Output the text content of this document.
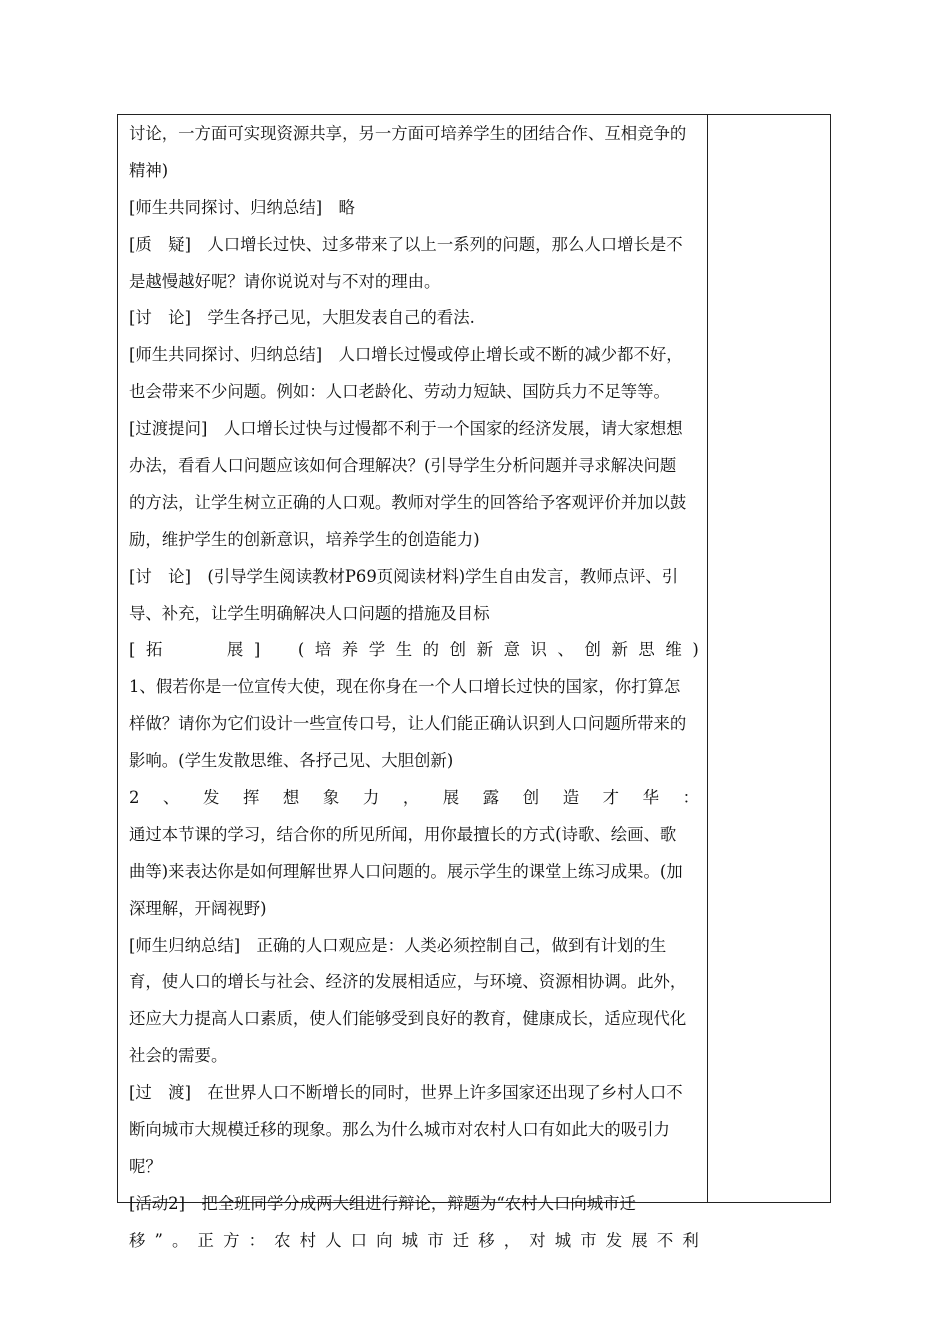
讨论，一方面可实现资源共享，另一方面可培养学生的团结合作、互相竞争的
精神)
[师生共同探讨、归纳总结]　略
[质　疑]　人口增长过快、过多带来了以上一系列的问题，那么人口增长是不
是越慢越好呢？请你说说对与不对的理由。
[讨　论]　学生各抒己见，大胆发表自己的看法.
[师生共同探讨、归纳总结]　人口增长过慢或停止增长或不断的减少都不好，
也会带来不少问题。例如：人口老龄化、劳动力短缺、国防兵力不足等等。
[过渡提问]　人口增长过快与过慢都不利于一个国家的经济发展，请大家想想
办法，看看人口问题应该如何合理解决？(引导学生分析问题并寻求解决问题
的方法，让学生树立正确的人口观。教师对学生的回答给予客观评价并加以鼓
励，维护学生的创新意识，培养学生的创造能力)
[讨　论]　(引导学生阅读教材P69页阅读材料)学生自由发言，教师点评、引
导、补充，让学生明确解决人口问题的措施及目标
[ 拓

　	展 ]
　 ( 培 养 学 生 的 创 新 意 识 、 创 新 思 维 )
1、假若你是一位宣传大使，现在你身在一个人口增长过快的国家，你打算怎
样做？请你为它们设计一些宣传口号，让人们能正确认识到人口问题所带来的
影响。(学生发散思维、各抒己见、大胆创新)
2 、 发 挥 想 象 力 ， 展 露 创 造 才 华 ：
通过本节课的学习，结合你的所见所闻，用你最擅长的方式(诗歌、绘画、歌
曲等)来表达你是如何理解世界人口问题的。展示学生的课堂上练习成果。(加
深理解，开阔视野)
[师生归纳总结]　正确的人口观应是：人类必须控制自己，做到有计划的生
育，使人口的增长与社会、经济的发展相适应，与环境、资源相协调。此外，
还应大力提高人口素质，使人们能够受到良好的教育，健康成长，适应现代化
社会的需要。
[过　渡]　在世界人口不断增长的同时，世界上许多国家还出现了乡村人口不
断向城市大规模迁移的现象。那么为什么城市对农村人口有如此大的吸引力
呢？
[活动2]　把全班同学分成两大组进行辩论，辩题为“农村人口向城市迁
移 ” 。 正 方 ： 农 村 人 口 向 城 市 迁 移 ， 对 城 市 发 展 不 利
